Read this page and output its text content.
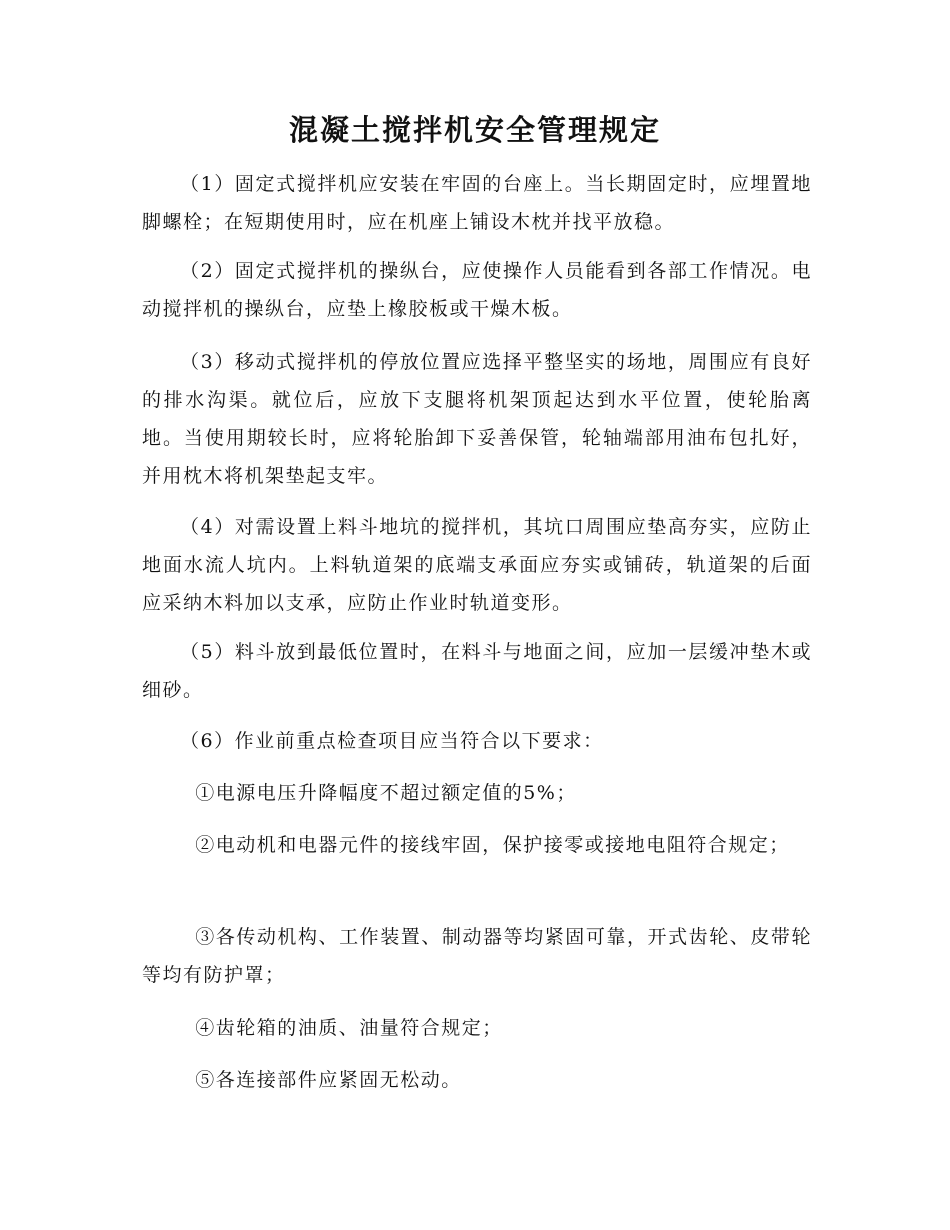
混凝土搅拌机安全管理规定

（1）固定式搅拌机应安装在牢固的台座上。当长期固定时，应埋置地脚螺栓；在短期使用时，应在机座上铺设木枕并找平放稳。

（2）固定式搅拌机的操纵台，应使操作人员能看到各部工作情况。电动搅拌机的操纵台，应垫上橡胶板或干燥木板。

（3）移动式搅拌机的停放位置应选择平整坚实的场地，周围应有良好的排水沟渠。就位后，应放下支腿将机架顶起达到水平位置，使轮胎离地。当使用期较长时，应将轮胎卸下妥善保管，轮轴端部用油布包扎好，并用枕木将机架垫起支牢。

（4）对需设置上料斗地坑的搅拌机，其坑口周围应垫高夯实，应防止地面水流人坑内。上料轨道架的底端支承面应夯实或铺砖，轨道架的后面应采纳木料加以支承，应防止作业时轨道变形。

（5）料斗放到最低位置时，在料斗与地面之间，应加一层缓冲垫木或细砂。

（6）作业前重点检查项目应当符合以下要求：

①电源电压升降幅度不超过额定值的5%；

②电动机和电器元件的接线牢固，保护接零或接地电阻符合规定；

③各传动机构、工作装置、制动器等均紧固可靠，开式齿轮、皮带轮等均有防护罩；

④齿轮箱的油质、油量符合规定；

⑤各连接部件应紧固无松动。
